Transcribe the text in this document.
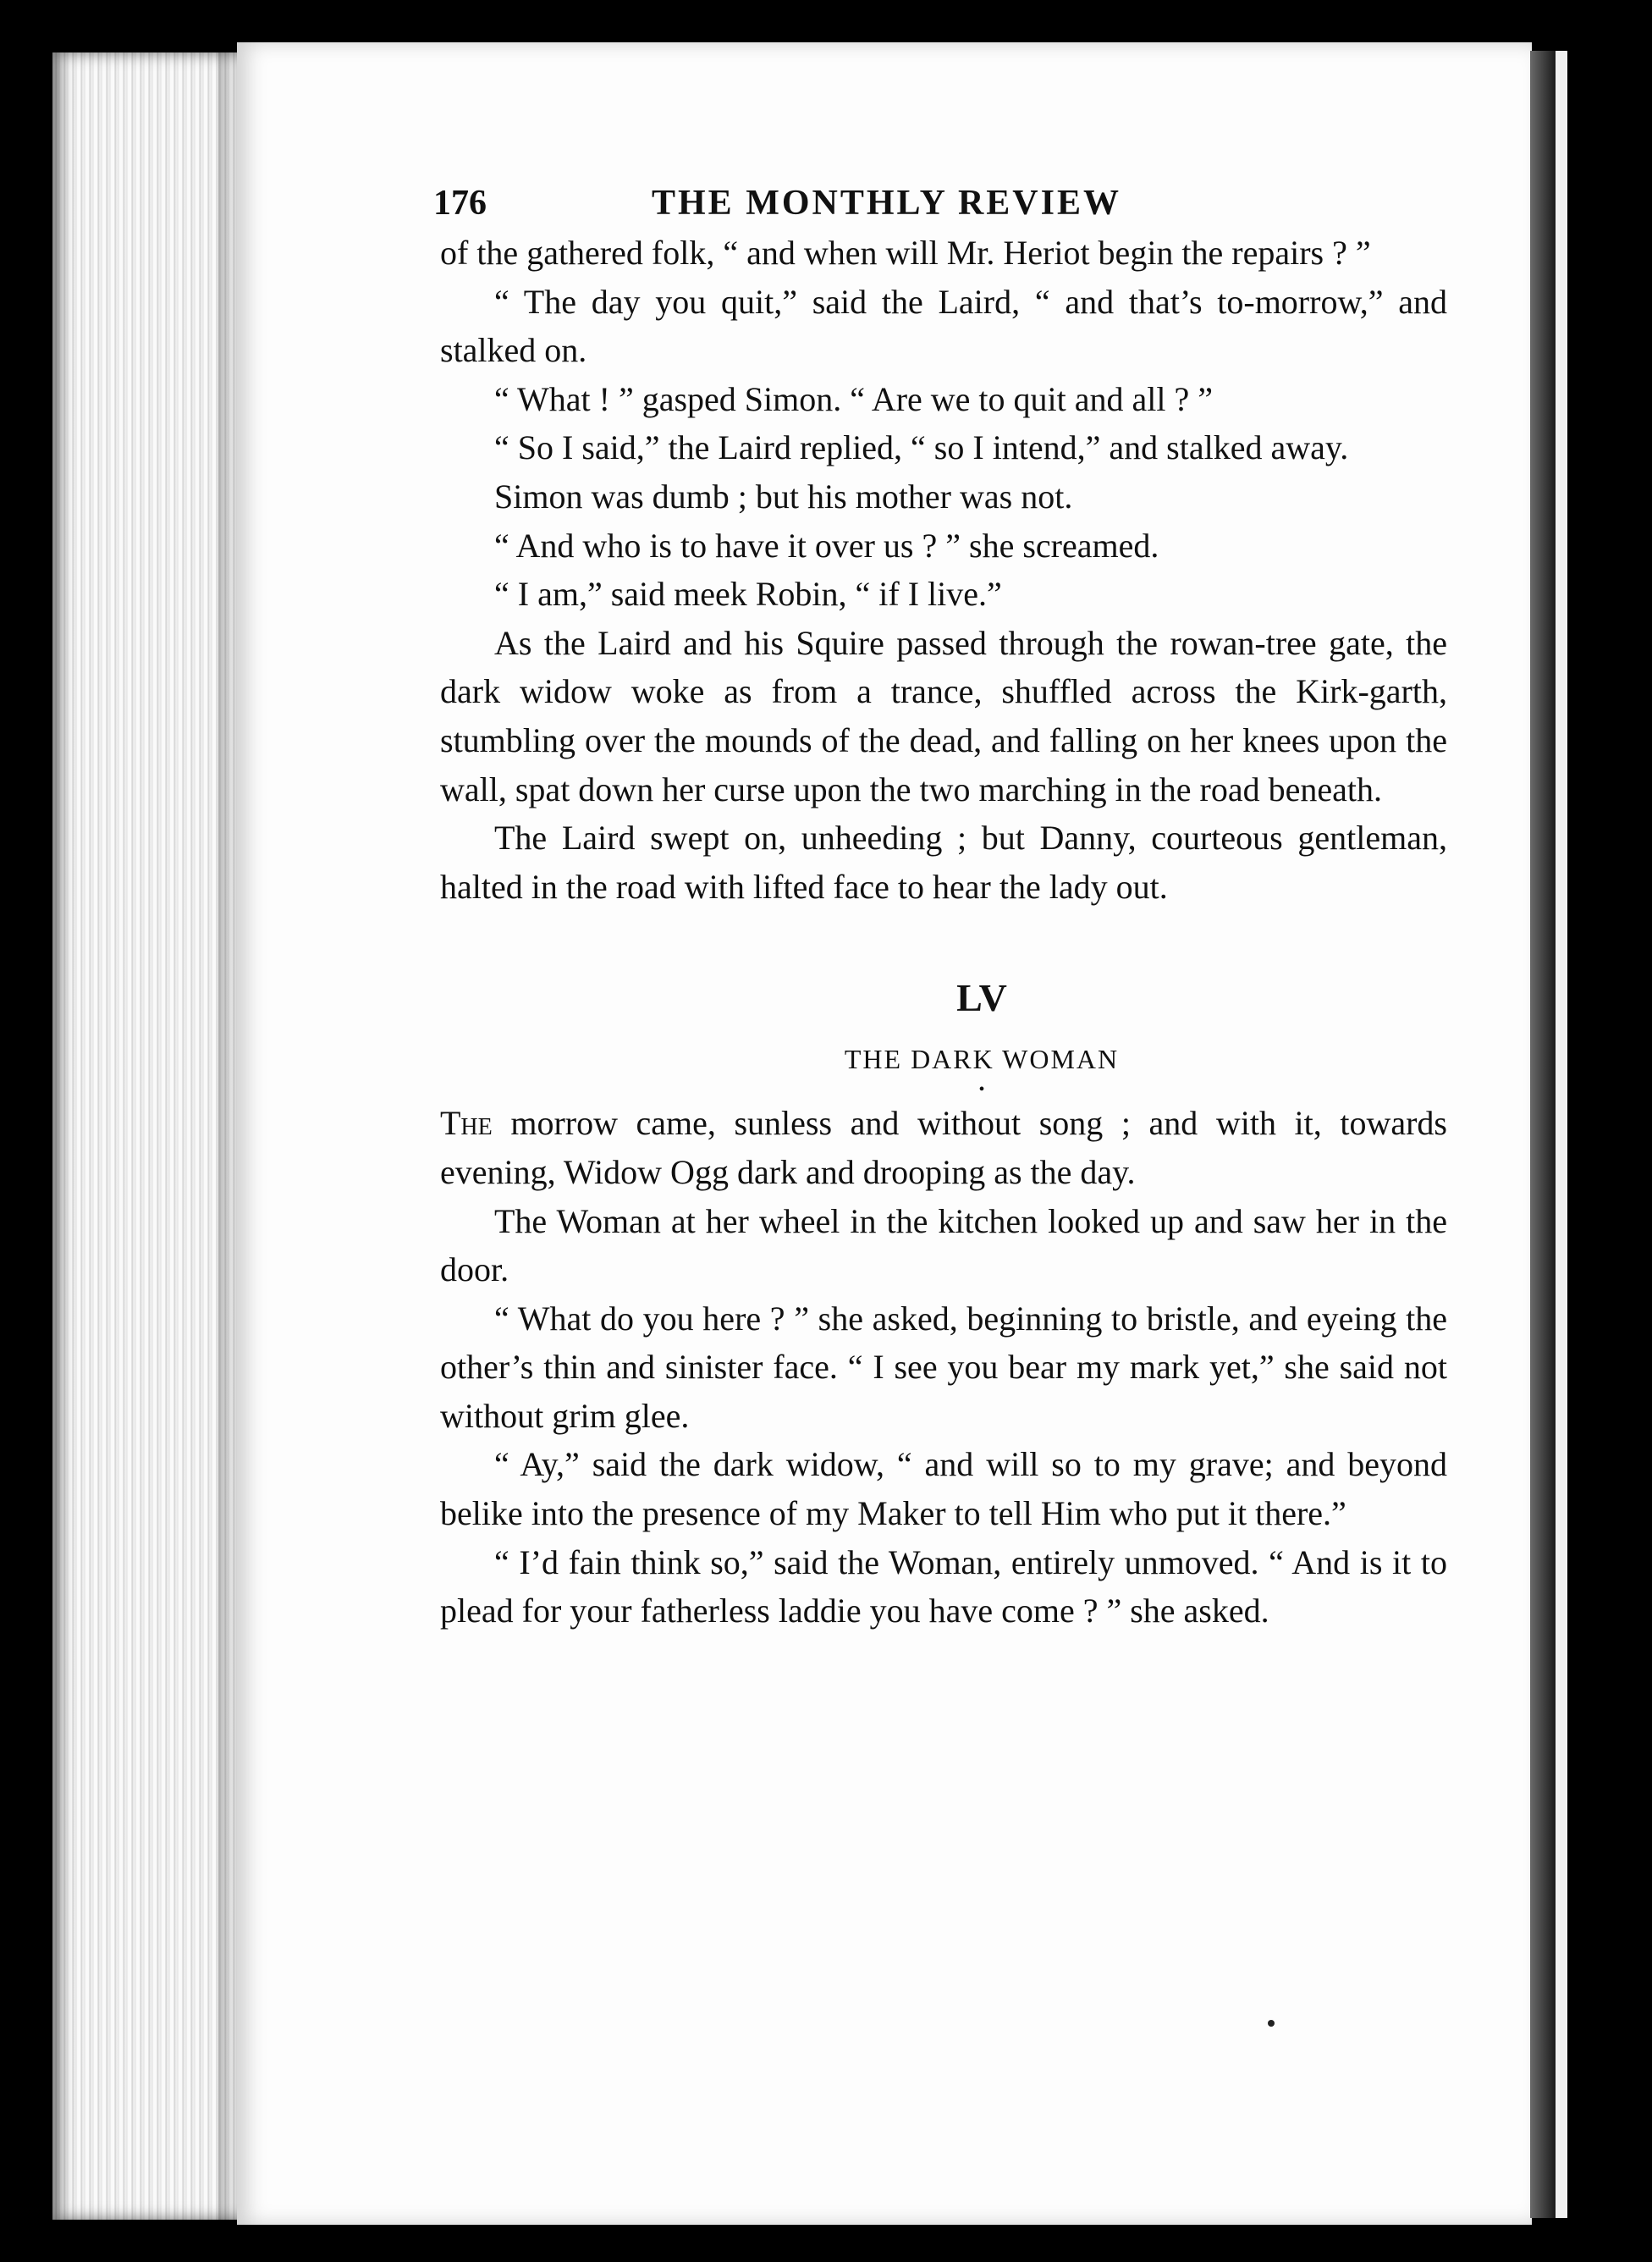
176	THE MONTHLY REVIEW

of the gathered folk, “ and when will Mr. Heriot begin the repairs ? ”

“ The day you quit,” said the Laird, “ and that’s to-morrow,” and stalked on.

“ What ! ” gasped Simon. “ Are we to quit and all ? ”

“ So I said,” the Laird replied, “ so I intend,” and stalked away.

Simon was dumb ; but his mother was not.

“ And who is to have it over us ? ” she screamed.

“ I am,” said meek Robin, “ if I live.”

As the Laird and his Squire passed through the rowan-tree gate, the dark widow woke as from a trance, shuffled across the Kirk-garth, stumbling over the mounds of the dead, and falling on her knees upon the wall, spat down her curse upon the two marching in the road beneath.

The Laird swept on, unheeding ; but Danny, courteous gentleman, halted in the road with lifted face to hear the lady out.

LV
THE DARK WOMAN
•

The morrow came, sunless and without song ; and with it, towards evening, Widow Ogg dark and drooping as the day.

The Woman at her wheel in the kitchen looked up and saw her in the door.

“ What do you here ? ” she asked, beginning to bristle, and eyeing the other’s thin and sinister face. “ I see you bear my mark yet,” she said not without grim glee.

“ Ay,” said the dark widow, “ and will so to my grave; and beyond belike into the presence of my Maker to tell Him who put it there.”

“ I’d fain think so,” said the Woman, entirely unmoved. “ And is it to plead for your fatherless laddie you have come ? ” she asked.
